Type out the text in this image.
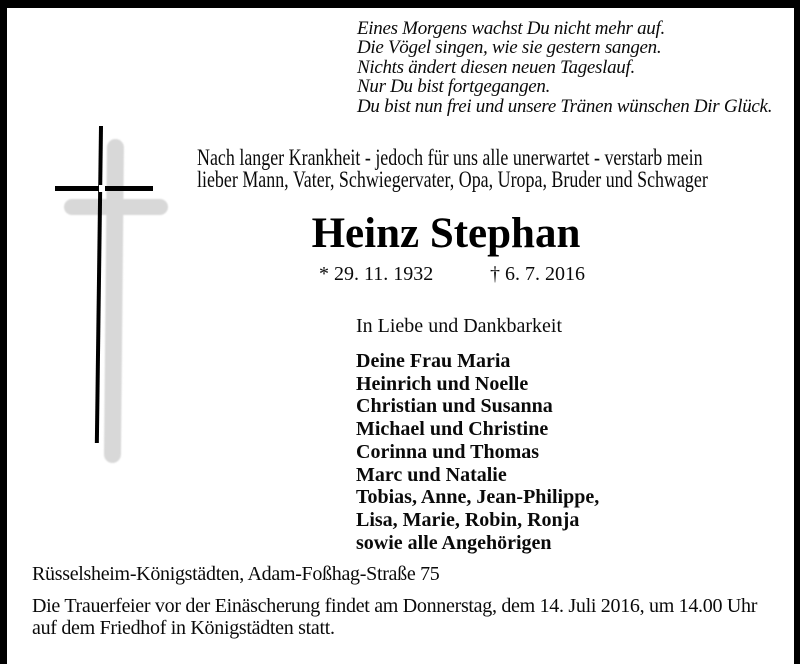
Eines Morgens wachst Du nicht mehr auf.
Die Vögel singen, wie sie gestern sangen.
Nichts ändert diesen neuen Tageslauf.
Nur Du bist fortgegangen.
Du bist nun frei und unsere Tränen wünschen Dir Glück.
Nach langer Krankheit - jedoch für uns alle unerwartet - verstarb mein
lieber Mann, Vater, Schwiegervater, Opa, Uropa, Bruder und Schwager
Heinz Stephan
* 29. 11. 1932	† 6. 7. 2016
In Liebe und Dankbarkeit
Deine Frau Maria
Heinrich und Noelle
Christian und Susanna
Michael und Christine
Corinna und Thomas
Marc und Natalie
Tobias, Anne, Jean-Philippe,
Lisa, Marie, Robin, Ronja
sowie alle Angehörigen
Rüsselsheim-Königstädten, Adam-Foßhag-Straße 75
Die Trauerfeier vor der Einäscherung findet am Donnerstag, dem 14. Juli 2016, um 14.00 Uhr
auf dem Friedhof in Königstädten statt.
